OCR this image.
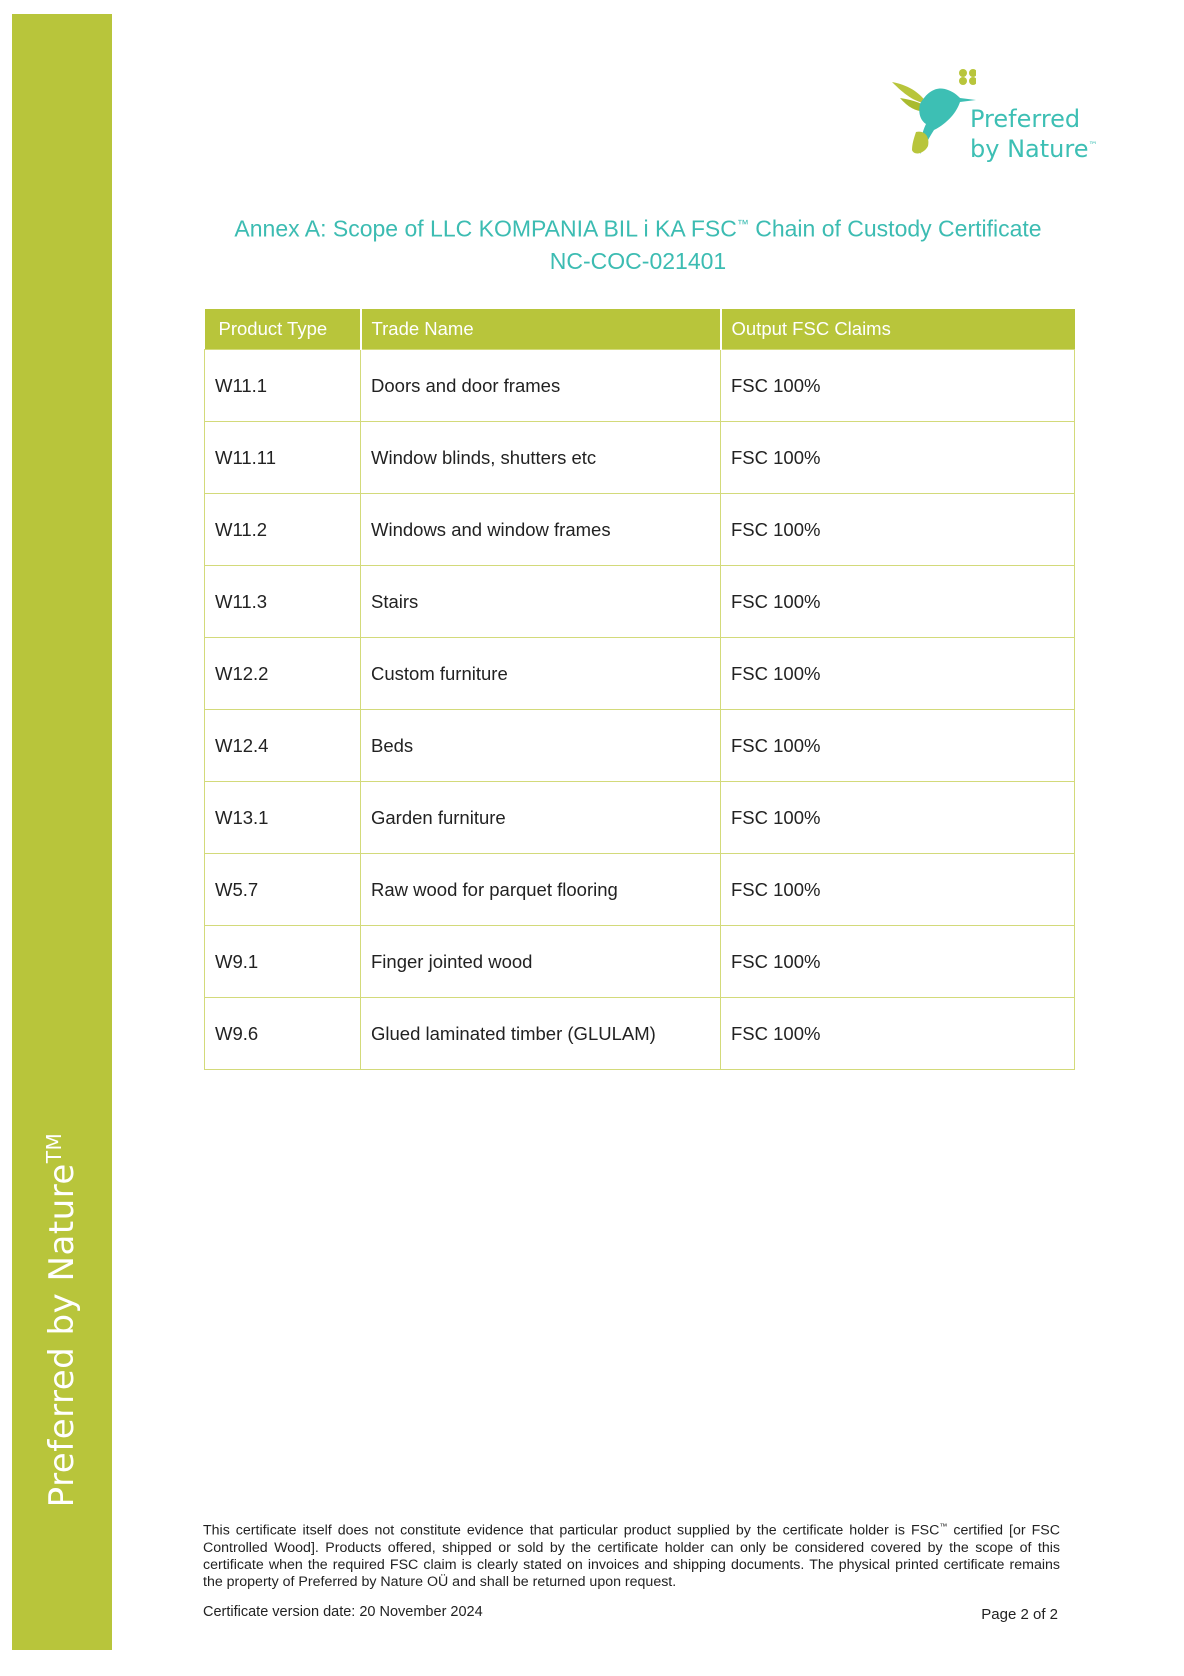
Preferred by Nature™
Preferred
by Nature™
Annex A: Scope of LLC KOMPANIA BIL i KA FSC™ Chain of Custody Certificate
NC-COC-021401
Product Type	Trade Name	Output FSC Claims
W11.1	Doors and door frames	FSC 100%
W11.11	Window blinds, shutters etc	FSC 100%
W11.2	Windows and window frames	FSC 100%
W11.3	Stairs	FSC 100%
W12.2	Custom furniture	FSC 100%
W12.4	Beds	FSC 100%
W13.1	Garden furniture	FSC 100%
W5.7	Raw wood for parquet flooring	FSC 100%
W9.1	Finger jointed wood	FSC 100%
W9.6	Glued laminated timber (GLULAM)	FSC 100%
This certificate itself does not constitute evidence that particular product supplied by the certificate holder is FSC™ certified [or FSC Controlled Wood]. Products offered, shipped or sold by the certificate holder can only be considered covered by the scope of this certificate when the required FSC claim is clearly stated on invoices and shipping documents. The physical printed certificate remains the property of Preferred by Nature OÜ and shall be returned upon request.
Certificate version date: 20 November 2024	Page 2 of 2
